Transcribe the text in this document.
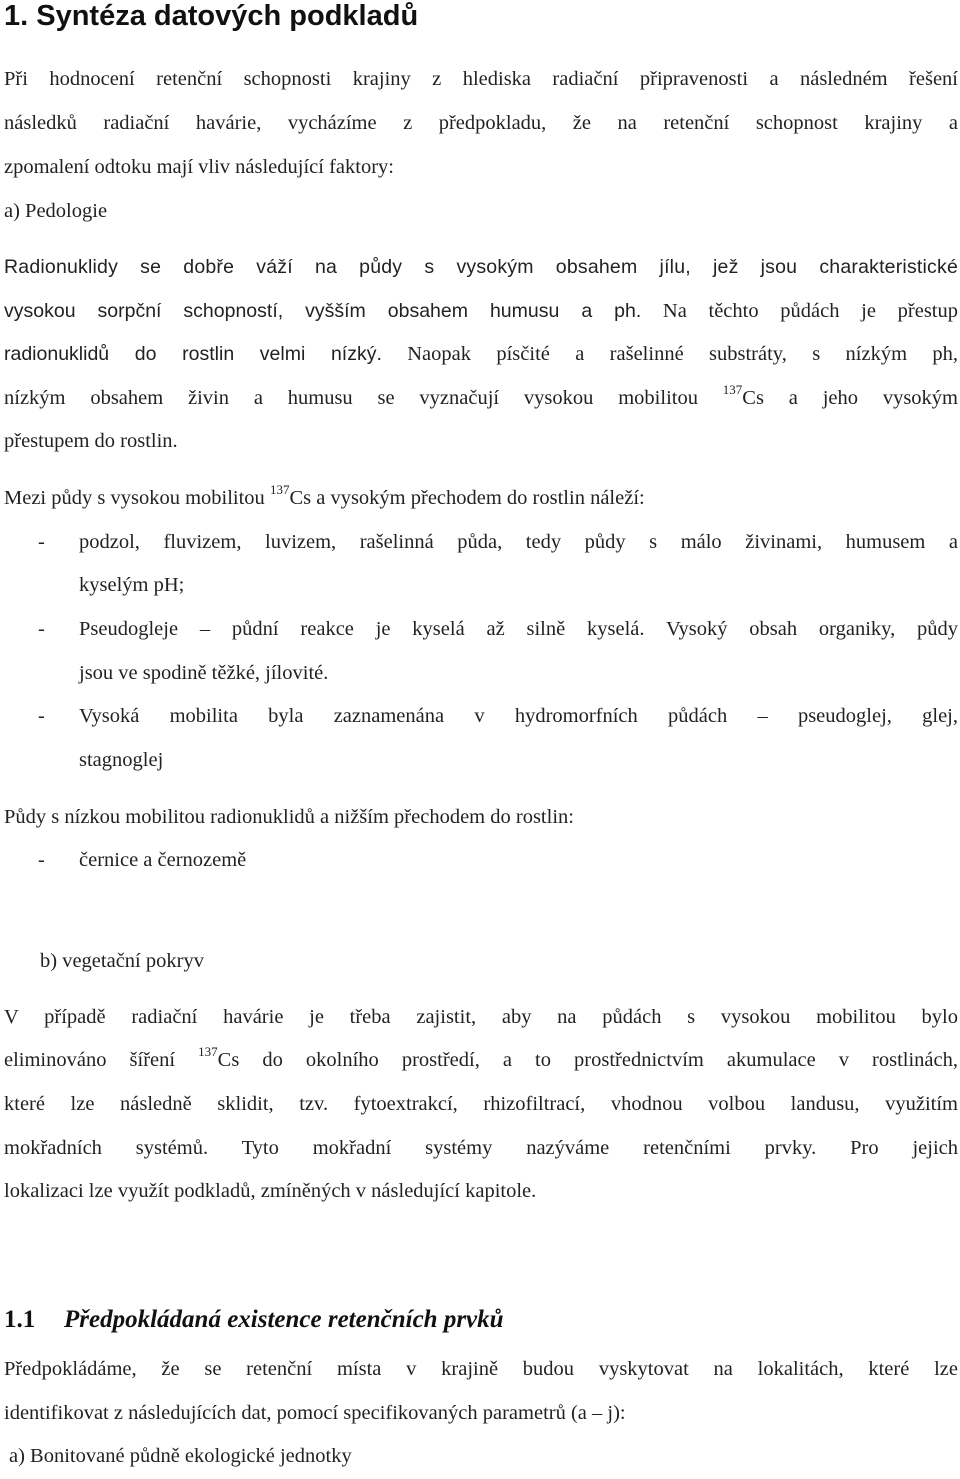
1. Syntéza datových podkladů

Při hodnocení retenční schopnosti krajiny z hlediska radiační připravenosti a následném řešení

následků radiační havárie, vycházíme z předpokladu, že na retenční schopnost krajiny a

zpomalení odtoku mají vliv následující faktory:

a) Pedologie

Radionuklidy se dobře váží na půdy s vysokým obsahem jílu, jež jsou charakteristické

vysokou sorpční schopností, vyšším obsahem humusu a ph. Na těchto půdách je přestup

radionuklidů do rostlin velmi nízký. Naopak písčité a rašelinné substráty, s nízkým ph,

nízkým obsahem živin a humusu se vyznačují vysokou mobilitou $^{137}$Cs a jeho vysokým

přestupem do rostlin.

Mezi půdy s vysokou mobilitou $^{137}$Cs a vysokým přechodem do rostlin náleží:

- podzol, fluvizem, luvizem, rašelinná půda, tedy půdy s málo živinami, humusem a

kyselým pH;

- Pseudogleje – půdní reakce je kyselá až silně kyselá. Vysoký obsah organiky, půdy

jsou ve spodině těžké, jílovité.

- Vysoká mobilita byla zaznamenána v hydromorfních půdách – pseudoglej, glej,

stagnoglej

Půdy s nízkou mobilitou radionuklidů a nižším přechodem do rostlin:

- černice a černozemě

b) vegetační pokryv

V případě radiační havárie je třeba zajistit, aby na půdách s vysokou mobilitou bylo

eliminováno šíření $^{137}$Cs do okolního prostředí, a to prostřednictvím akumulace v rostlinách,

které lze následně sklidit, tzv. fytoextrakcí, rhizofiltrací, vhodnou volbou landusu, využitím

mokřadních systémů. Tyto mokřadní systémy nazýváme retenčními prvky. Pro jejich

lokalizaci lze využít podkladů, zmíněných v následující kapitole.

1.1 Předpokládaná existence retenčních prvků

Předpokládáme, že se retenční místa v krajině budou vyskytovat na lokalitách, které lze

identifikovat z následujících dat, pomocí specifikovaných parametrů (a – j):

a) Bonitované půdně ekologické jednotky
